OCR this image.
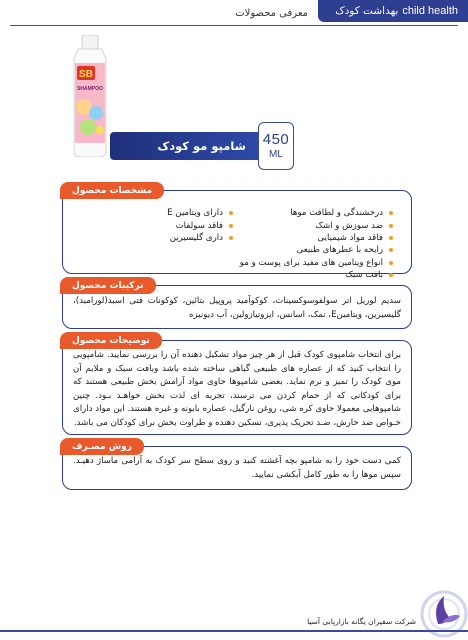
بهداشت کودک child health
معرفی محصولات
SB
SHAMPOO
شامپو مو کودک 450
ML
درخشندگی و لطافت موها
ضد سوزش و اشک
فاقد مواد شیمیایی
رایحه با عطرهای طبیعی
انواع ویتامین های مفید برای پوست و مو
بافت سبک
دارای ویتامین E
فاقد سولفات
داری گلیسیرین
مشخصات محصول

سدیم لوریل اتر سولفوسوکسینات، کوکوآمید پروپیل بتائین، کوکونات فتی اسید(لورامید)، گلیسیرین، ویتامینE، نمک، اسانس، ایزوتیازولین، آب دیونیزه

ترکیبات محصول

برای انتخاب شامپوی کودک قبل از هر چیز مواد تشکیل دهنده آن را بررسی نمایید. شامپویی را انتخاب کنید که از عصاره های طبیعی گیاهی ساخته شده باشد وبافت سبک و ملایم آن موی کودک را تمیز و نرم نماید. بعضی شامپوها حاوی مواد آرامش بخش طبیعی هستند که برای کودکانی که از حمام کردن می ترسند، تجربه ای لذت بخش خواهـد بـود. چنین شامپوهایی معمولا حاوی کره شی، روغن نارگیل، عصاره بابونه و غیره هستند. این مواد دارای خـواص ضد خارش، ضـد تحریک پذیری، تسکین دهنده و طراوت بخش برای کودکان می باشد.

توضیحات محصول

کمی دست خود را به شامپو بچه آغشته کنید و روی سطح سر کودک به آرامی ماساژ دهیـد. سپس موها را به طور کامل آبکشی نمایید.

روش مصـرف
شرکت سفیران یگانه بازاریابی آسیا
